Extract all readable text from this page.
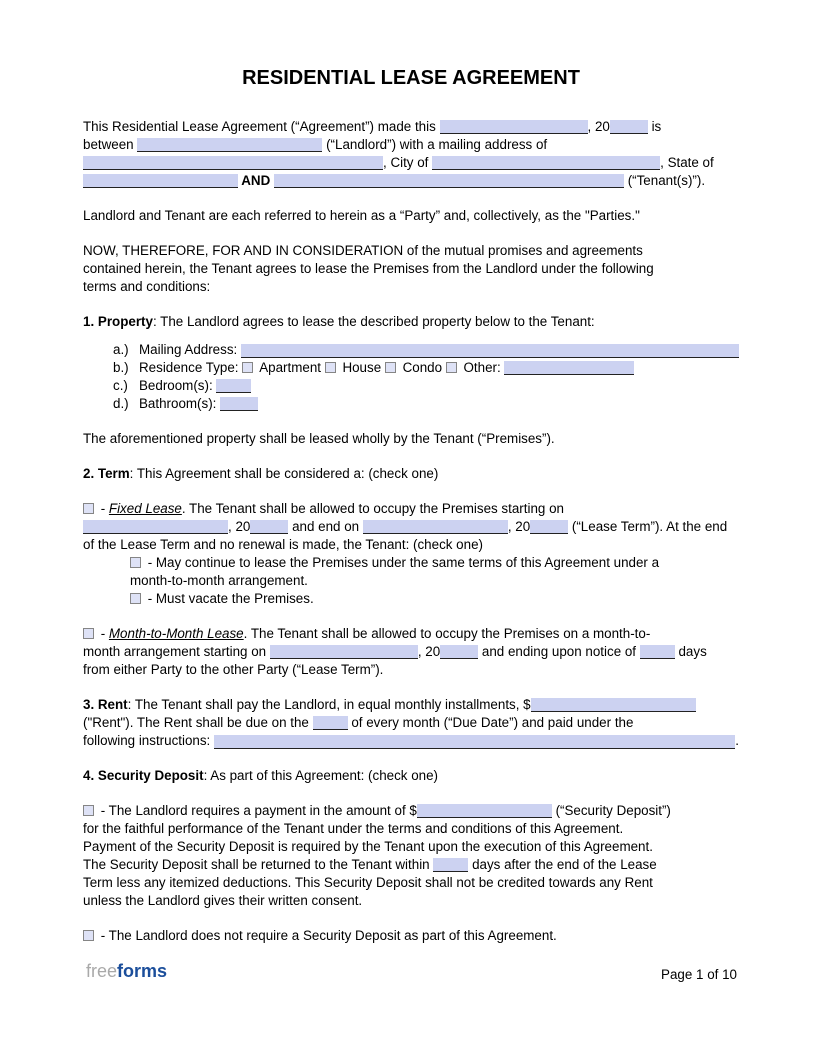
RESIDENTIAL LEASE AGREEMENT
This Residential Lease Agreement (“Agreement”) made this	, 20	is
between	(“Landlord”) with a mailing address of
, City of	, State of
AND	(“Tenant(s)”).
Landlord and Tenant are each referred to herein as a “Party” and, collectively, as the "Parties."
NOW, THEREFORE, FOR AND IN CONSIDERATION of the mutual promises and agreements
contained herein, the Tenant agrees to lease the Premises from the Landlord under the following
terms and conditions:
1. Property: The Landlord agrees to lease the described property below to the Tenant:
a.) Mailing Address:
b.) Residence Type:  Apartment  House  Condo  Other:
c.) Bedroom(s):
d.) Bathroom(s):
The aforementioned property shall be leased wholly by the Tenant (“Premises”).
2. Term: This Agreement shall be considered a: (check one)
- Fixed Lease. The Tenant shall be allowed to occupy the Premises starting on
, 20	and end on	, 20	(“Lease Term”). At the end
of the Lease Term and no renewal is made, the Tenant: (check one)
- May continue to lease the Premises under the same terms of this Agreement under a
month-to-month arrangement.
- Must vacate the Premises.
- Month-to-Month Lease. The Tenant shall be allowed to occupy the Premises on a month-to-
month arrangement starting on	, 20	and ending upon notice of	days
from either Party to the other Party (“Lease Term”).
3. Rent: The Tenant shall pay the Landlord, in equal monthly installments, $
("Rent"). The Rent shall be due on the	of every month (“Due Date”) and paid under the
following instructions:	.
4. Security Deposit: As part of this Agreement: (check one)
- The Landlord requires a payment in the amount of $	(“Security Deposit”)
for the faithful performance of the Tenant under the terms and conditions of this Agreement.
Payment of the Security Deposit is required by the Tenant upon the execution of this Agreement.
The Security Deposit shall be returned to the Tenant within	days after the end of the Lease
Term less any itemized deductions. This Security Deposit shall not be credited towards any Rent
unless the Landlord gives their written consent.
- The Landlord does not require a Security Deposit as part of this Agreement.
freeforms	Page 1 of 10
